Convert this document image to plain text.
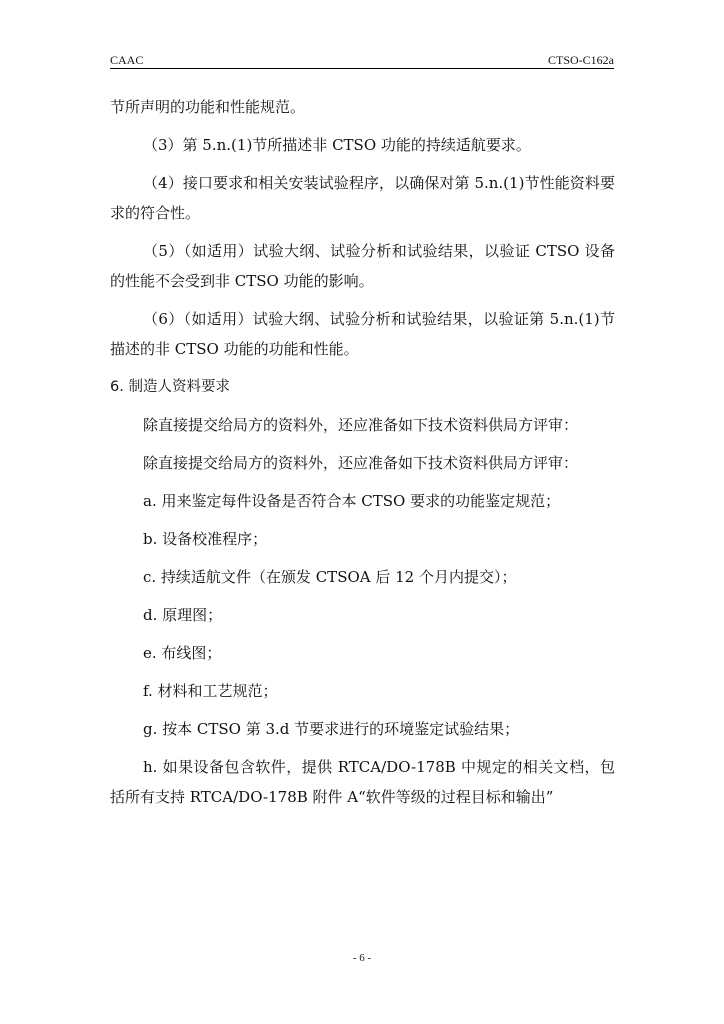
CAAC	CTSO-C162a

节所声明的功能和性能规范。

（3）第 5.n.(1)节所描述非 CTSO 功能的持续适航要求。

（4）接口要求和相关安装试验程序，以确保对第 5.n.(1)节性能资料要求的符合性。

（5）（如适用）试验大纲、试验分析和试验结果，以验证 CTSO 设备的性能不会受到非 CTSO 功能的影响。

（6）（如适用）试验大纲、试验分析和试验结果，以验证第 5.n.(1)节描述的非 CTSO 功能的功能和性能。

6. 制造人资料要求

除直接提交给局方的资料外，还应准备如下技术资料供局方评审：

除直接提交给局方的资料外，还应准备如下技术资料供局方评审：

a. 用来鉴定每件设备是否符合本 CTSO 要求的功能鉴定规范；
b. 设备校准程序；
c. 持续适航文件（在颁发 CTSOA 后 12 个月内提交）；
d. 原理图；
e. 布线图；
f. 材料和工艺规范；
g. 按本 CTSO 第 3.d 节要求进行的环境鉴定试验结果；

h. 如果设备包含软件，提供 RTCA/DO-178B 中规定的相关文档，包括所有支持 RTCA/DO-178B 附件 A“软件等级的过程目标和输出”

- 6 -
